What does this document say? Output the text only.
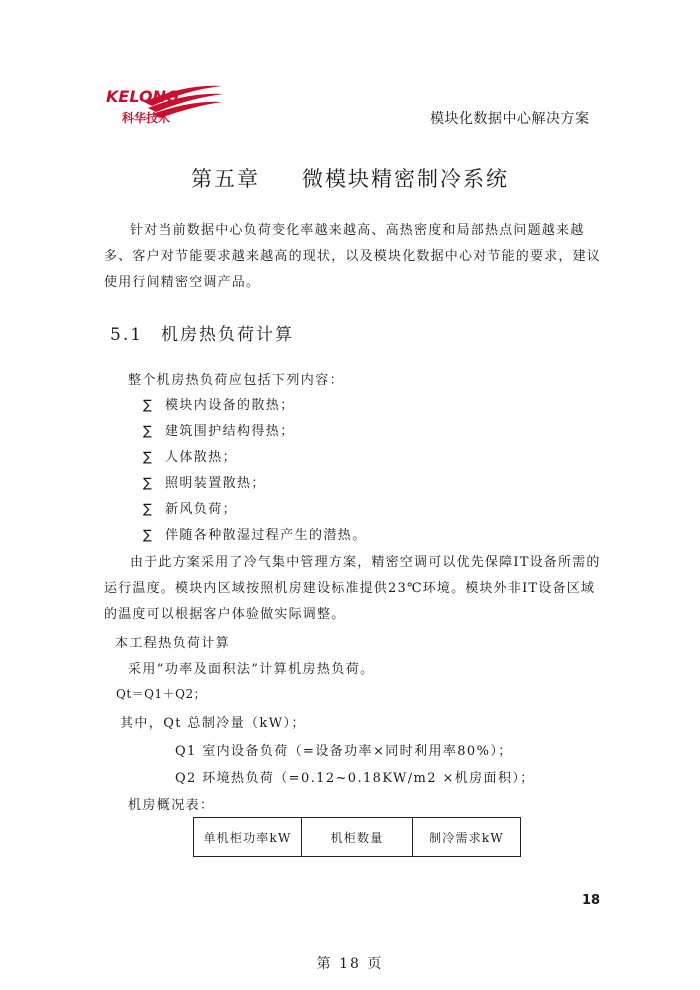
KELONG
科华技术	模块化数据中心解决方案
第五章 微模块精密制冷系统
针对当前数据中心负荷变化率越来越高、高热密度和局部热点问题越来越多、客户对节能要求越来越高的现状，以及模块化数据中心对节能的要求，建议使用行间精密空调产品。
5.1 机房热负荷计算
整个机房热负荷应包括下列内容：
∑ 模块内设备的散热；
∑ 建筑围护结构得热；
∑ 人体散热；
∑ 照明装置散热；
∑ 新风负荷；
∑ 伴随各种散湿过程产生的潜热。
由于此方案采用了冷气集中管理方案，精密空调可以优先保障IT设备所需的运行温度。模块内区域按照机房建设标准提供23℃环境。模块外非IT设备区域的温度可以根据客户体验做实际调整。
本工程热负荷计算
采用“功率及面积法”计算机房热负荷。
Qt＝Q1＋Q2；
其中，Qt 总制冷量（kW）；
Q1 室内设备负荷（=设备功率×同时利用率80%）；
Q2 环境热负荷（=0.12~0.18KW/m2 ×机房面积）；
机房概况表：
单机柜功率kW	机柜数量	制冷需求kW
18
第 18 页
